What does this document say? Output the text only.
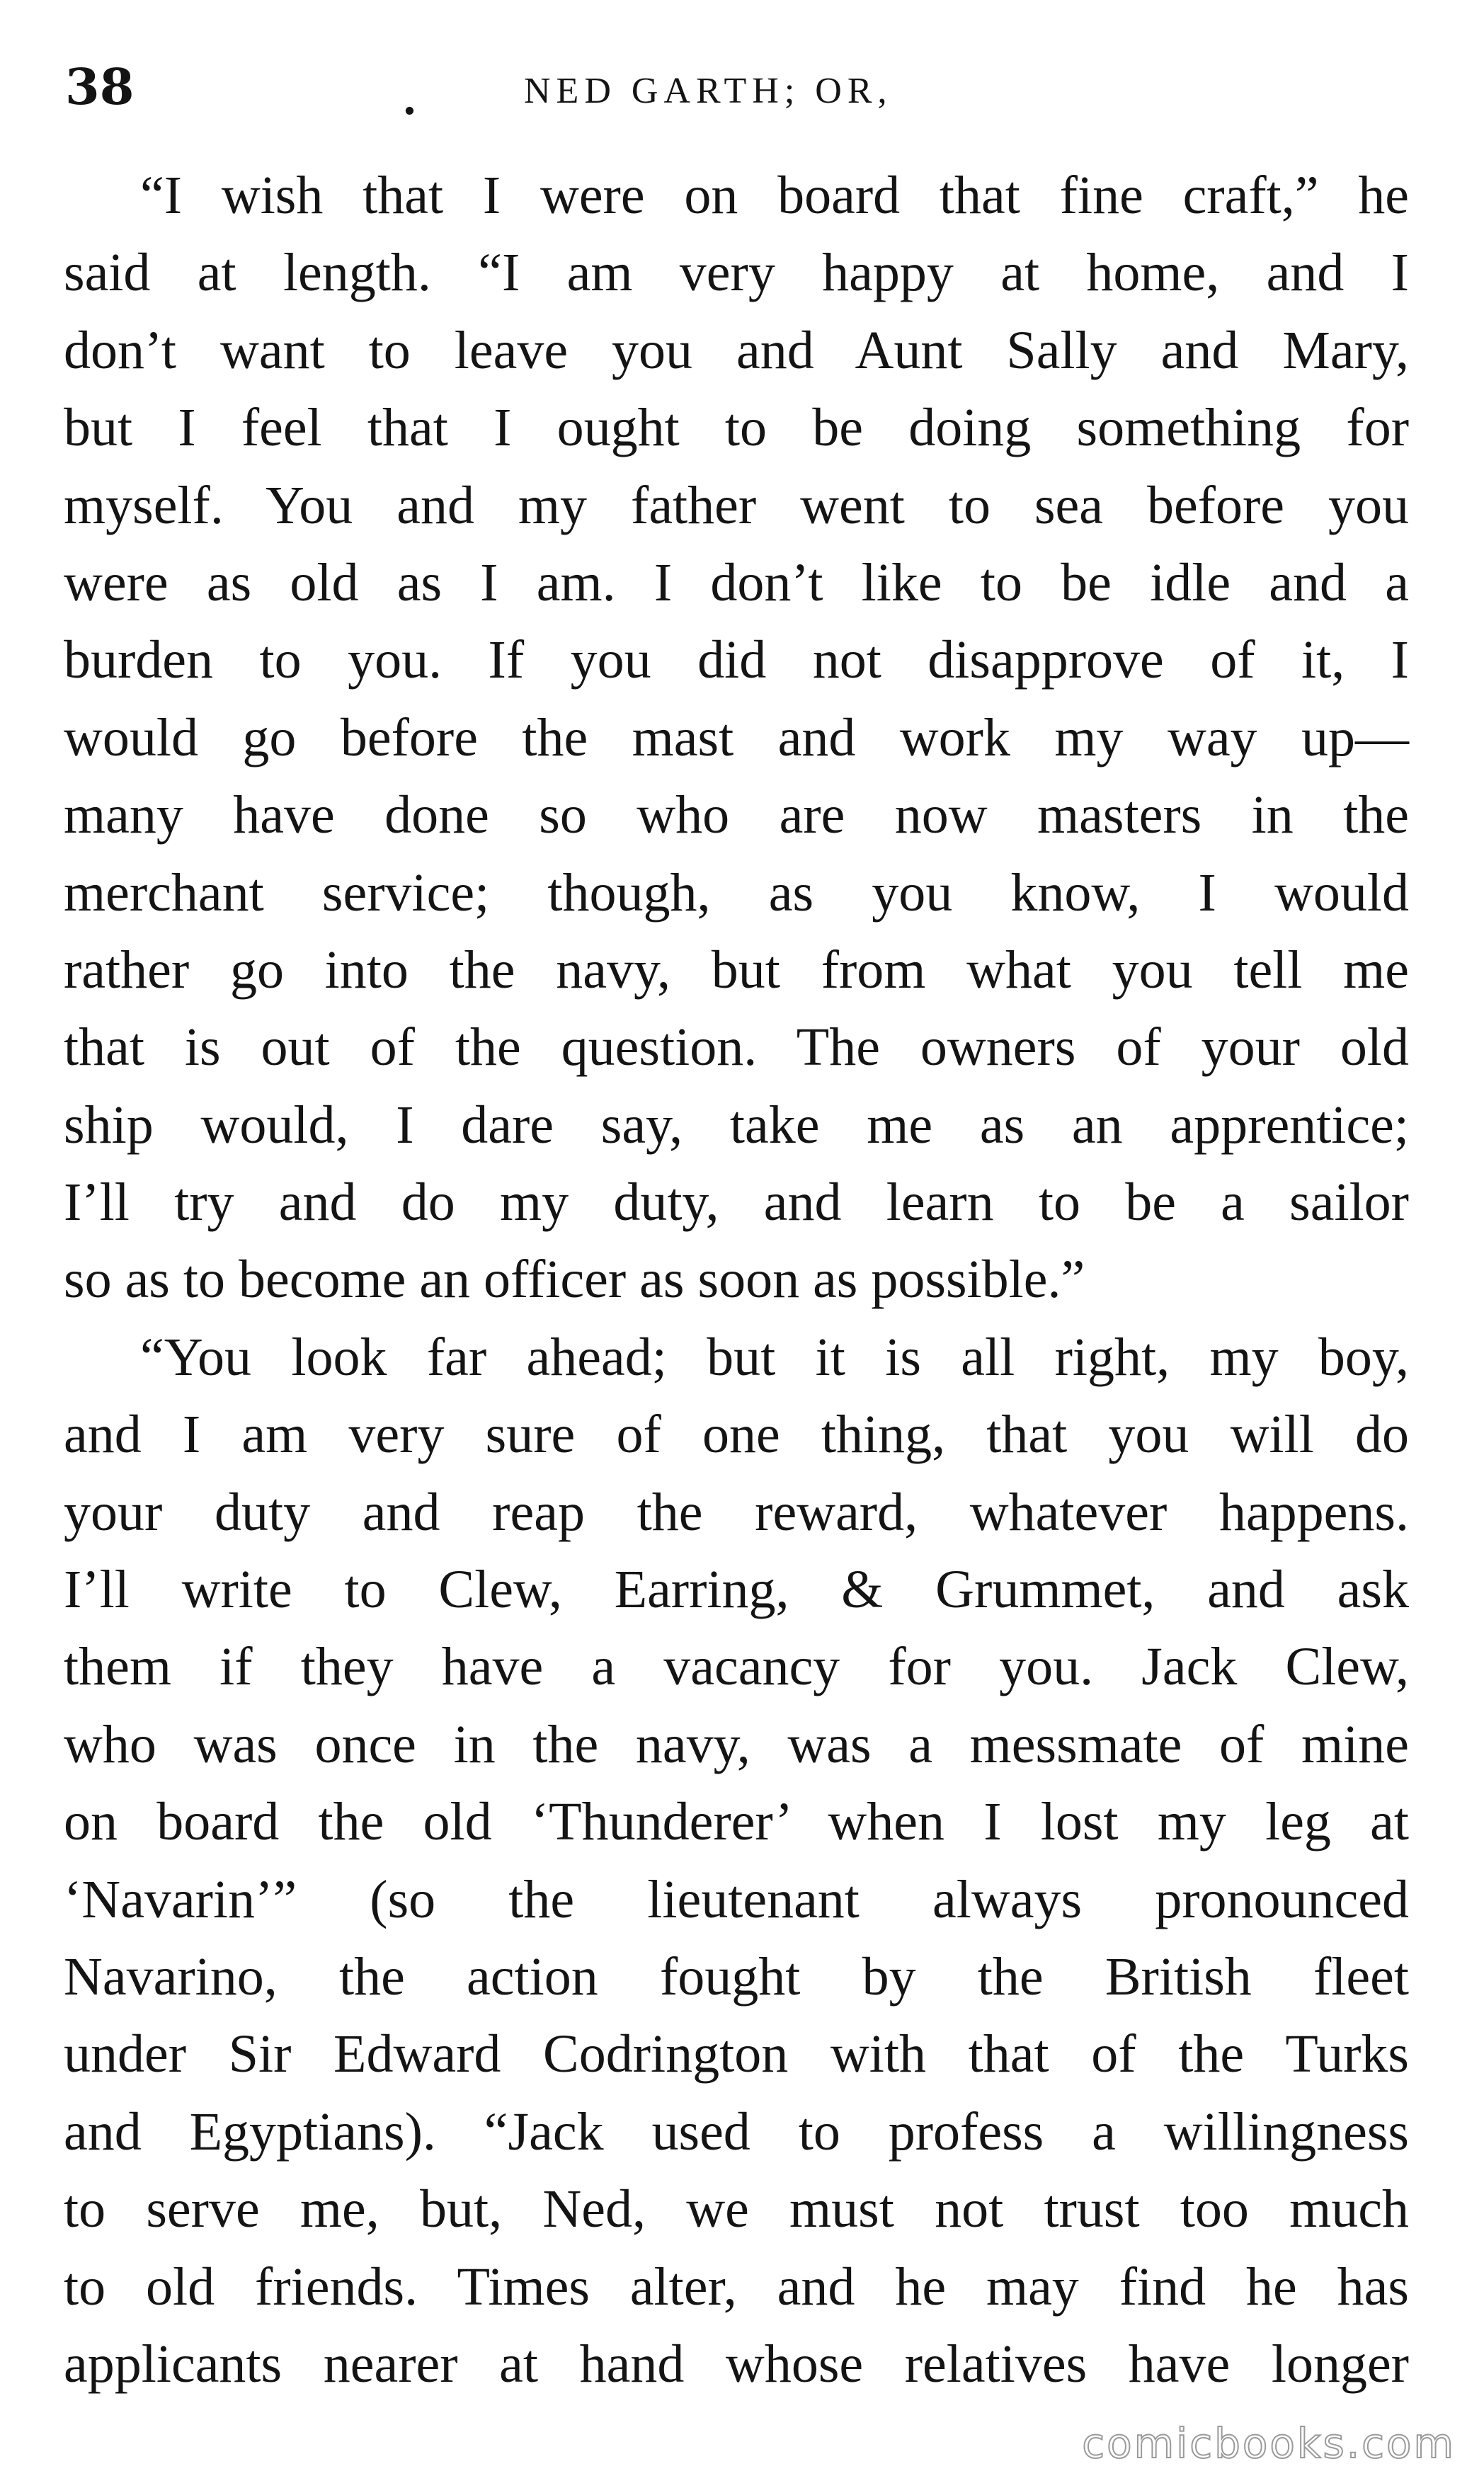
38	.	NED GARTH; OR,
“I wish that I were on board that fine craft,” he
said at length. “I am very happy at home, and I
don’t want to leave you and Aunt Sally and Mary,
but I feel that I ought to be doing something for
myself. You and my father went to sea before you
were as old as I am. I don’t like to be idle and a
burden to you. If you did not disapprove of it, I
would go before the mast and work my way up—
many have done so who are now masters in the
merchant service; though, as you know, I would
rather go into the navy, but from what you tell me
that is out of the question. The owners of your old
ship would, I dare say, take me as an apprentice;
I’ll try and do my duty, and learn to be a sailor
so as to become an officer as soon as possible.”
“You look far ahead; but it is all right, my boy,
and I am very sure of one thing, that you will do
your duty and reap the reward, whatever happens.
I’ll write to Clew, Earring, & Grummet, and ask
them if they have a vacancy for you. Jack Clew,
who was once in the navy, was a messmate of mine
on board the old ‘Thunderer’ when I lost my leg at
‘Navarin’” (so the lieutenant always pronounced
Navarino, the action fought by the British fleet
under Sir Edward Codrington with that of the Turks
and Egyptians). “Jack used to profess a willingness
to serve me, but, Ned, we must not trust too much
to old friends. Times alter, and he may find he has
applicants nearer at hand whose relatives have longer
comicbooks.com
